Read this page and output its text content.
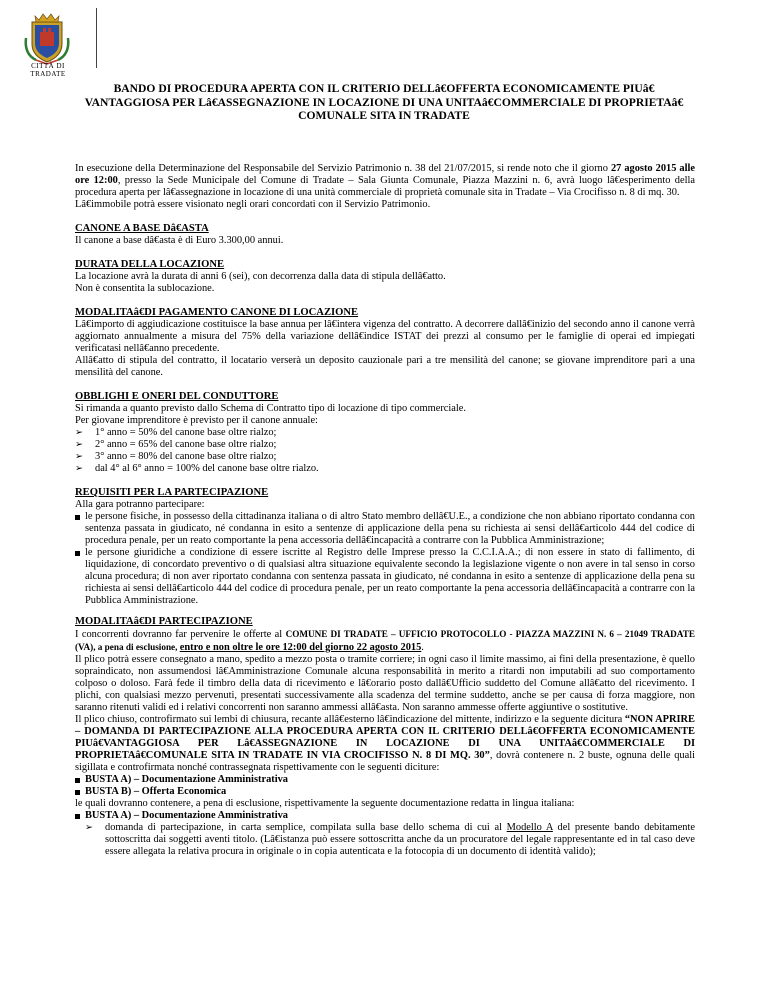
CITTÀ DI
TRADATE
BANDO DI PROCEDURA APERTA CON IL CRITERIO DELLâ€OFFERTA ECONOMICAMENTE PIUâ€
VANTAGGIOSA PER Lâ€ASSEGNAZIONE IN LOCAZIONE DI UNA UNITAâ€COMMERCIALE DI PROPRIETAâ€
COMUNALE SITA IN TRADATE

In esecuzione della Determinazione del Responsabile del Servizio Patrimonio n. 38 del 21/07/2015, si rende noto che il giorno 27 agosto 2015 alle ore 12:00, presso la Sede Municipale del Comune di Tradate – Sala Giunta Comunale, Piazza Mazzini n. 6, avrà luogo lâ€esperimento della procedura aperta per lâ€assegnazione in locazione di una unità commerciale di proprietà comunale sita in Tradate – Via Crocifisso n. 8 di mq. 30.

Lâ€immobile potrà essere visionato negli orari concordati con il Servizio Patrimonio.

CANONE A BASE Dâ€ASTA

Il canone a base dâ€asta è di Euro 3.300,00 annui.

DURATA DELLA LOCAZIONE

La locazione avrà la durata di anni 6 (sei), con decorrenza dalla data di stipula dellâ€atto.

Non è consentita la sublocazione.

MODALITAâ€DI PAGAMENTO CANONE DI LOCAZIONE

Lâ€importo di aggiudicazione costituisce la base annua per lâ€intera vigenza del contratto. A decorrere dallâ€inizio del secondo anno il canone verrà aggiornato annualmente a misura del 75% della variazione dellâ€indice ISTAT dei prezzi al consumo per le famiglie di operai ed impiegati verificatasi nellâ€anno precedente.

Allâ€atto di stipula del contratto, il locatario verserà un deposito cauzionale pari a tre mensilità del canone; se giovane imprenditore pari a una mensilità del canone.

OBBLIGHI E ONERI DEL CONDUTTORE

Si rimanda a quanto previsto dallo Schema di Contratto tipo di locazione di tipo commerciale.

Per giovane imprenditore è previsto per il canone annuale:

➢ 1° anno = 50% del canone base oltre rialzo;
➢ 2° anno = 65% del canone base oltre rialzo;
➢ 3° anno = 80% del canone base oltre rialzo;
➢ dal 4° al 6° anno = 100% del canone base oltre rialzo.

REQUISITI PER LA PARTECIPAZIONE

Alla gara potranno partecipare:

le persone fisiche, in possesso della cittadinanza italiana o di altro Stato membro dellâ€U.E., a condizione che non abbiano riportato condanna con sentenza passata in giudicato, né condanna in esito a sentenze di applicazione della pena su richiesta ai sensi dellâ€articolo 444 del codice di procedura penale, per un reato comportante la pena accessoria dellâ€incapacità a contrarre con la Pubblica Amministrazione;
le persone giuridiche a condizione di essere iscritte al Registro delle Imprese presso la C.C.I.A.A.; di non essere in stato di fallimento, di liquidazione, di concordato preventivo o di qualsiasi altra situazione equivalente secondo la legislazione vigente o non avere in tal senso in corso alcuna procedura; di non aver riportato condanna con sentenza passata in giudicato, né condanna in esito a sentenze di applicazione della pena su richiesta ai sensi dellâ€articolo 444 del codice di procedura penale, per un reato comportante la pena accessoria dellâ€incapacità a contrarre con la Pubblica Amministrazione.

MODALITAâ€DI PARTECIPAZIONE

I concorrenti dovranno far pervenire le offerte al COMUNE DI TRADATE – UFFICIO PROTOCOLLO - PIAZZA MAZZINI N. 6 – 21049 TRADATE (VA), a pena di esclusione, entro e non oltre le ore 12:00 del giorno 22 agosto 2015.

Il plico potrà essere consegnato a mano, spedito a mezzo posta o tramite corriere; in ogni caso il limite massimo, ai fini della presentazione, è quello sopraindicato, non assumendosi lâ€Amministrazione Comunale alcuna responsabilità in merito a ritardi non imputabili ad suo comportamento colposo o doloso. Farà fede il timbro della data di ricevimento e lâ€orario posto dallâ€Ufficio suddetto del Comune allâ€atto del ricevimento. I plichi, con qualsiasi mezzo pervenuti, presentati successivamente alla scadenza del termine suddetto, anche se per causa di forza maggiore, non saranno ritenuti validi ed i relativi concorrenti non saranno ammessi allâ€asta. Non saranno ammesse offerte aggiuntive o sostitutive.

Il plico chiuso, controfirmato sui lembi di chiusura, recante allâ€esterno lâ€indicazione del mittente, indirizzo e la seguente dicitura “NON APRIRE – DOMANDA DI PARTECIPAZIONE ALLA PROCEDURA APERTA CON IL CRITERIO DELLâ€OFFERTA ECONOMICAMENTE PIUâ€VANTAGGIOSA PER Lâ€ASSEGNAZIONE IN LOCAZIONE DI UNA UNITAâ€COMMERCIALE DI PROPRIETAâ€COMUNALE SITA IN TRADATE IN VIA CROCIFISSO N. 8 DI MQ. 30”, dovrà contenere n. 2 buste, ognuna delle quali sigillata e controfirmata nonché contrassegnata rispettivamente con le seguenti diciture:

BUSTA A) – Documentazione Amministrativa
BUSTA B) – Offerta Economica

le quali dovranno contenere, a pena di esclusione, rispettivamente la seguente documentazione redatta in lingua italiana:

BUSTA A) – Documentazione Amministrativa
➢ domanda di partecipazione, in carta semplice, compilata sulla base dello schema di cui al Modello A del presente bando debitamente sottoscritta dai soggetti aventi titolo. (Lâ€istanza può essere sottoscritta anche da un procuratore del legale rappresentante ed in tal caso deve essere allegata la relativa procura in originale o in copia autenticata e la fotocopia di un documento di identità valido);
